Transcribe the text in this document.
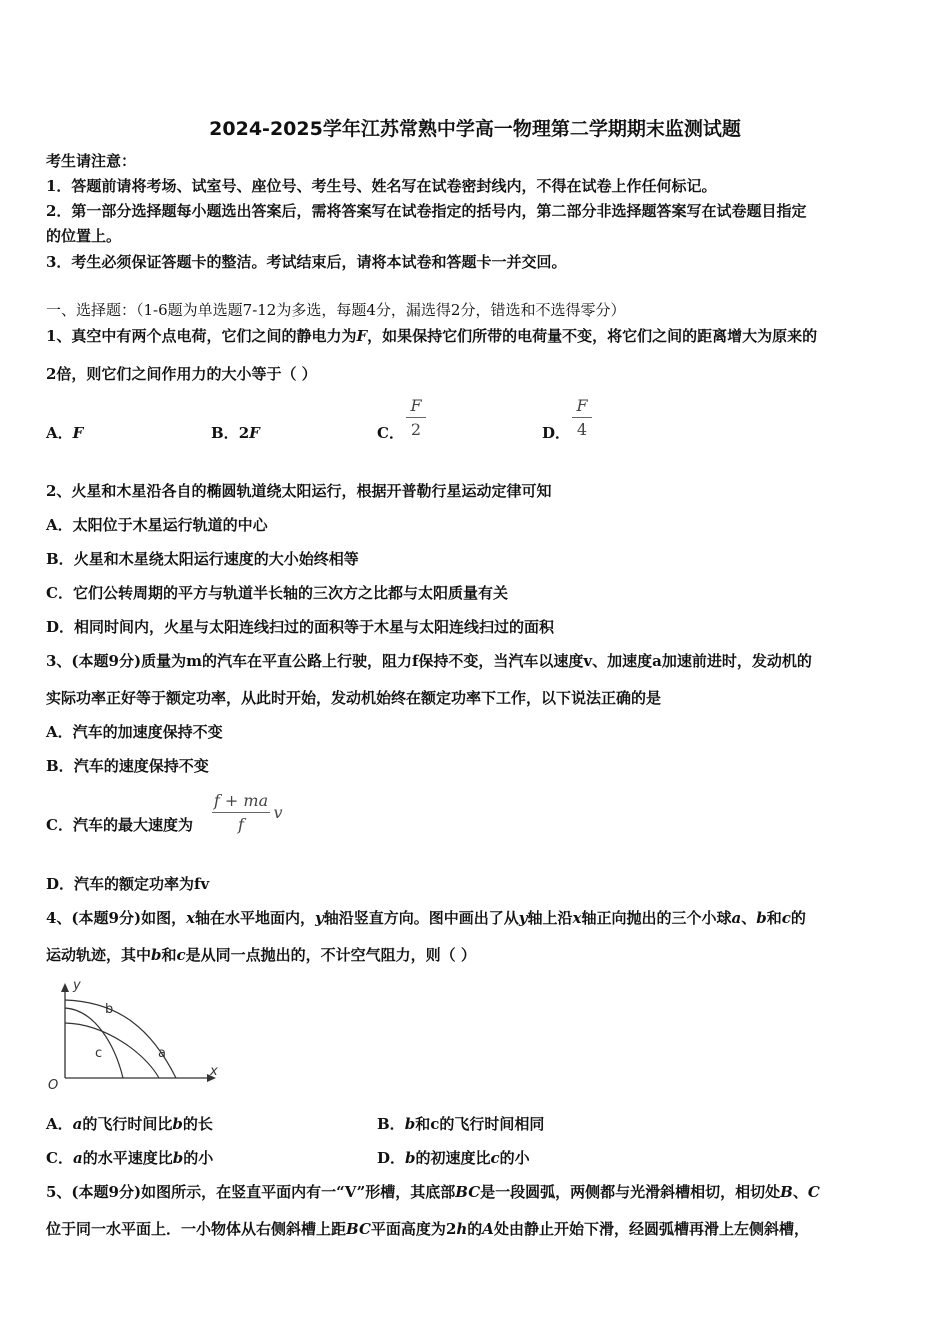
2024-2025学年江苏常熟中学高一物理第二学期期末监测试题
考生请注意：
1．答题前请将考场、试室号、座位号、考生号、姓名写在试卷密封线内，不得在试卷上作任何标记。
2．第一部分选择题每小题选出答案后，需将答案写在试卷指定的括号内，第二部分非选择题答案写在试卷题目指定
的位置上。
3．考生必须保证答题卡的整洁。考试结束后，请将本试卷和答题卡一并交回。
一、选择题：（1-6题为单选题7-12为多选，每题4分，漏选得2分，错选和不选得零分）
1、真空中有两个点电荷，它们之间的静电力为F，如果保持它们所带的电荷量不变，将它们之间的距离增大为原来的
2倍，则它们之间作用力的大小等于（ ）
A．F	B．2F	C．
F
2	D．
F
4
2、火星和木星沿各自的椭圆轨道绕太阳运行，根据开普勒行星运动定律可知
A．太阳位于木星运行轨道的中心
B．火星和木星绕太阳运行速度的大小始终相等
C．它们公转周期的平方与轨道半长轴的三次方之比都与太阳质量有关
D．相同时间内，火星与太阳连线扫过的面积等于木星与太阳连线扫过的面积
3、(本题9分)质量为m的汽车在平直公路上行驶，阻力f保持不变，当汽车以速度v、加速度a加速前进时，发动机的
实际功率正好等于额定功率，从此时开始，发动机始终在额定功率下工作，以下说法正确的是
A．汽车的加速度保持不变
B．汽车的速度保持不变
C．汽车的最大速度为
f + ma
f
v
D．汽车的额定功率为fv
4、(本题9分)如图，x轴在水平地面内，y轴沿竖直方向。图中画出了从y轴上沿x轴正向抛出的三个小球a、b和c的
运动轨迹，其中b和c是从同一点抛出的，不计空气阻力，则（ ）
y
x
O
b
c	a
A．a的飞行时间比b的长	B．b和c的飞行时间相同
C．a的水平速度比b的小	D．b的初速度比c的小
5、(本题9分)如图所示，在竖直平面内有一“V”形槽，其底部BC是一段圆弧，两侧都与光滑斜槽相切，相切处B、C
位于同一水平面上．一小物体从右侧斜槽上距BC平面高度为2h的A处由静止开始下滑，经圆弧槽再滑上左侧斜槽，
